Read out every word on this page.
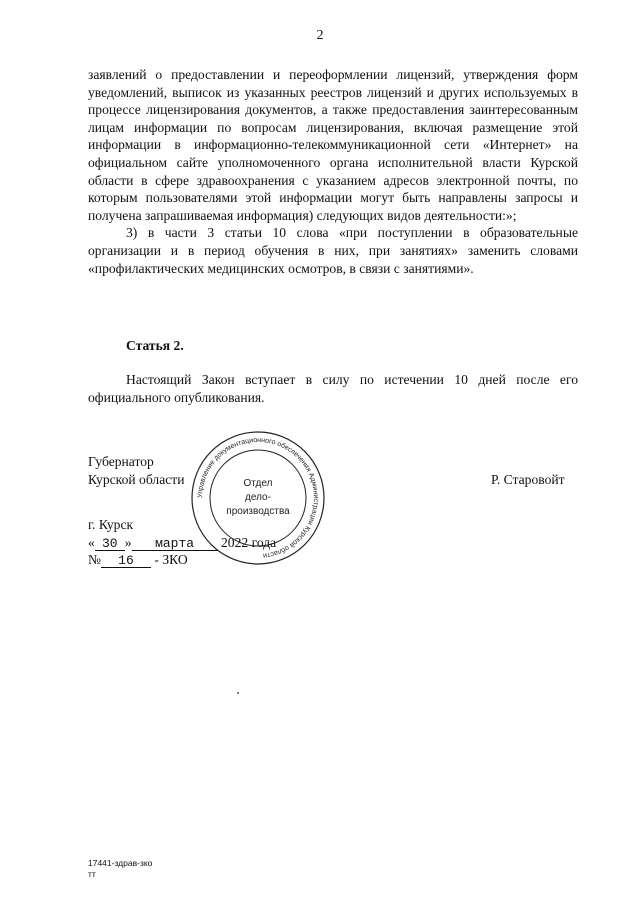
2

заявлений о предоставлении и переоформлении лицензий, утверждения форм уведомлений, выписок из указанных реестров лицензий и других используемых в процессе лицензирования документов, а также предоставления заинтересованным лицам информации по вопросам лицензирования, включая размещение этой информации в информационно-телекоммуникационной сети «Интернет» на официальном сайте уполномоченного органа исполнительной власти Курской области в сфере здравоохранения с указанием адресов электронной почты, по которым пользователями этой информации могут быть направлены запросы и получена запрашиваемая информация) следующих видов деятельности:»;

3) в части 3 статьи 10 слова «при поступлении в образовательные организации и в период обучения в них, при занятиях» заменить словами «профилактических медицинских осмотров, в связи с занятиями».

Статья 2.
Настоящий Закон вступает в силу по истечении 10 дней после его официального опубликования.
Губернатор
Курской области	Р. Старовойт
г. Курск
« 30 » марта 2022 года
№ 16 - ЗКО
Управление документационного обеспечения Администрации Курской области
Отдел
дело-
производства
17441-здрав-зко
тт
